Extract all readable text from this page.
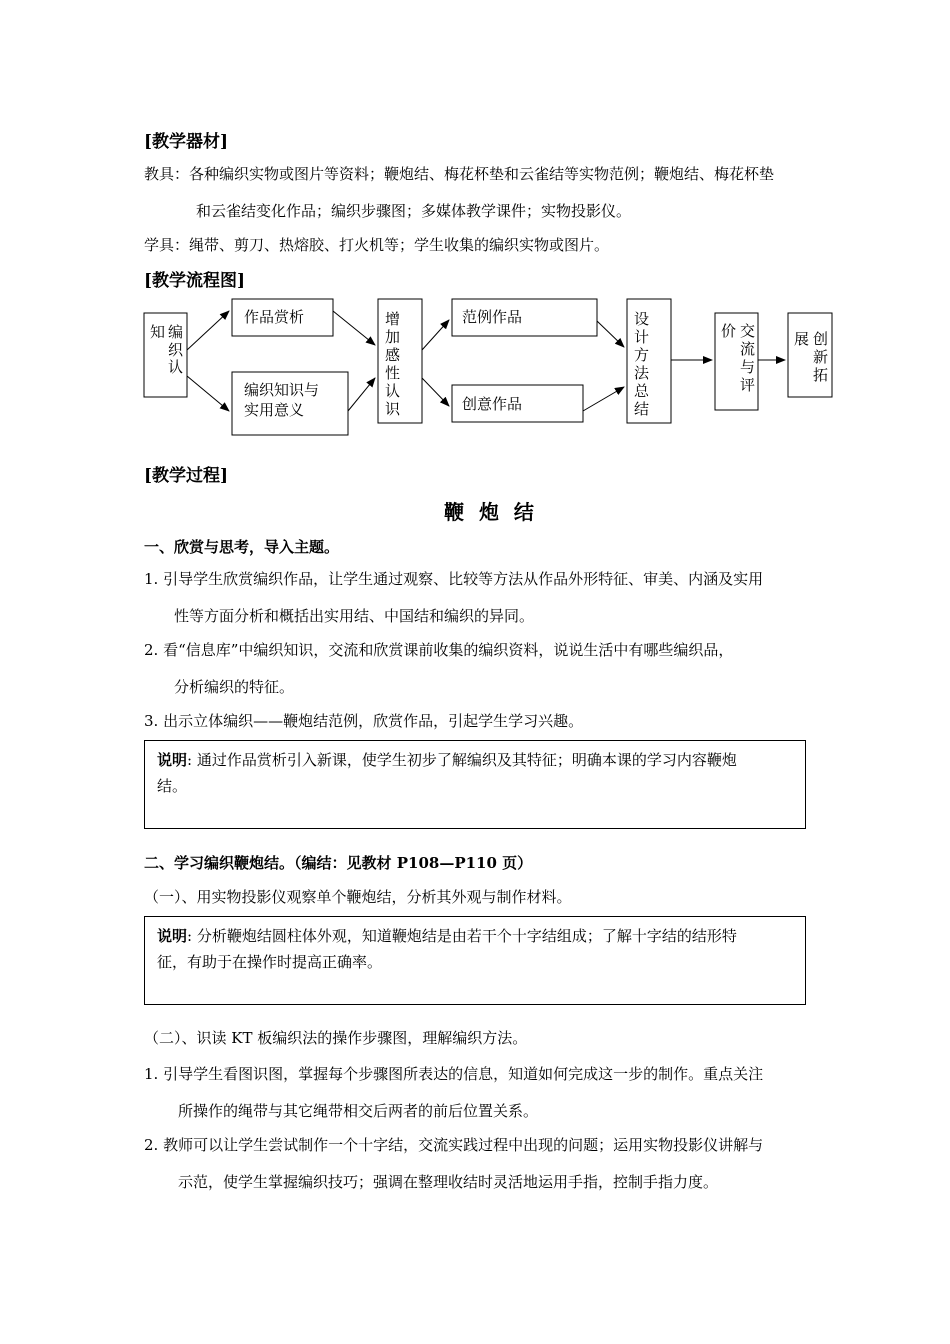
[教学器材]
教具：各种编织实物或图片等资料；鞭炮结、梅花杯垫和云雀结等实物范例；鞭炮结、梅花杯垫
和云雀结变化作品；编织步骤图；多媒体教学课件；实物投影仪。
学具：绳带、剪刀、热熔胶、打火机等；学生收集的编织实物或图片。
[教学流程图]
知 编
织
认
作品赏析
编织知识与
实用意义
增
加
感
性
认
识
范例作品
创意作品
设
计
方
法
总
结
价 交
流
与
评
展 创
新
拓
[教学过程]
鞭 炮 结
一、欣赏与思考，导入主题。
1. 引导学生欣赏编织作品，让学生通过观察、比较等方法从作品外形特征、审美、内涵及实用
性等方面分析和概括出实用结、中国结和编织的异同。
2. 看“信息库”中编织知识，交流和欣赏课前收集的编织资料，说说生活中有哪些编织品，
分析编织的特征。
3. 出示立体编织——鞭炮结范例，欣赏作品，引起学生学习兴趣。
说明: 通过作品赏析引入新课，使学生初步了解编织及其特征；明确本课的学习内容鞭炮
结。
二、学习编织鞭炮结。（编结：见教材 P108—P110 页）
（一）、用实物投影仪观察单个鞭炮结，分析其外观与制作材料。
说明: 分析鞭炮结圆柱体外观，知道鞭炮结是由若干个十字结组成；了解十字结的结形特
征，有助于在操作时提高正确率。
（二）、识读 KT 板编织法的操作步骤图，理解编织方法。
1. 引导学生看图识图，掌握每个步骤图所表达的信息，知道如何完成这一步的制作。重点关注
所操作的绳带与其它绳带相交后两者的前后位置关系。
2. 教师可以让学生尝试制作一个十字结，交流实践过程中出现的问题；运用实物投影仪讲解与
示范，使学生掌握编织技巧；强调在整理收结时灵活地运用手指，控制手指力度。
